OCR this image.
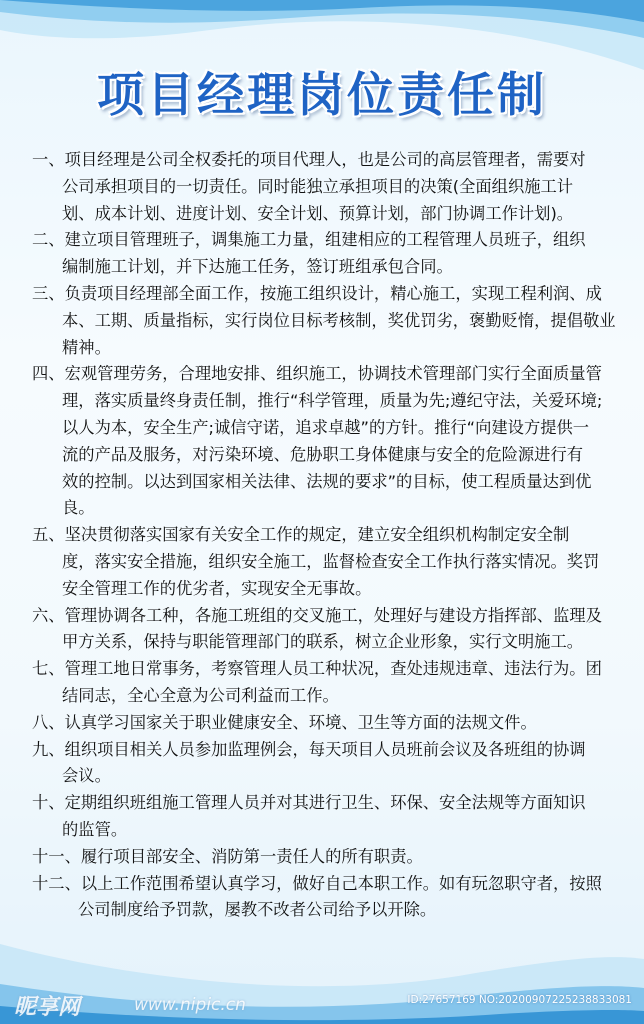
项目经理岗位责任制
一、项目经理是公司全权委托的项目代理人，也是公司的高层管理者，需要对
公司承担项目的一切责任。同时能独立承担项目的决策(全面组织施工计
划、成本计划、进度计划、安全计划、预算计划，部门协调工作计划)。
二、建立项目管理班子，调集施工力量，组建相应的工程管理人员班子，组织
编制施工计划，并下达施工任务，签订班组承包合同。
三、负责项目经理部全面工作，按施工组织设计，精心施工，实现工程利润、成
本、工期、质量指标，实行岗位目标考核制，奖优罚劣，褒勤贬惰，提倡敬业
精神。
四、宏观管理劳务，合理地安排、组织施工，协调技术管理部门实行全面质量管
理，落实质量终身责任制，推行“科学管理，质量为先;遵纪守法，关爱环境;
以人为本，安全生产;诚信守诺，追求卓越”的方针。推行“向建设方提供一
流的产品及服务，对污染环境、危胁职工身体健康与安全的危险源进行有
效的控制。以达到国家相关法律、法规的要求”的目标，使工程质量达到优
良。
五、坚决贯彻落实国家有关安全工作的规定，建立安全组织机构制定安全制
度，落实安全措施，组织安全施工，监督检查安全工作执行落实情况。奖罚
安全管理工作的优劣者，实现安全无事故。
六、管理协调各工种，各施工班组的交叉施工，处理好与建设方指挥部、监理及
甲方关系，保持与职能管理部门的联系，树立企业形象，实行文明施工。
七、管理工地日常事务，考察管理人员工种状况，查处违规违章、违法行为。团
结同志，全心全意为公司利益而工作。
八、认真学习国家关于职业健康安全、环境、卫生等方面的法规文件。
九、组织项目相关人员参加监理例会，每天项目人员班前会议及各班组的协调
会议。
十、定期组织班组施工管理人员并对其进行卫生、环保、安全法规等方面知识
的监管。
十一、履行项目部安全、消防第一责任人的所有职责。
十二、以上工作范围希望认真学习，做好自己本职工作。如有玩忽职守者，按照
公司制度给予罚款，屡教不改者公司给予以开除。
昵享网	www.nipic.cn	ID:27657169 NO:20200907225238833081
